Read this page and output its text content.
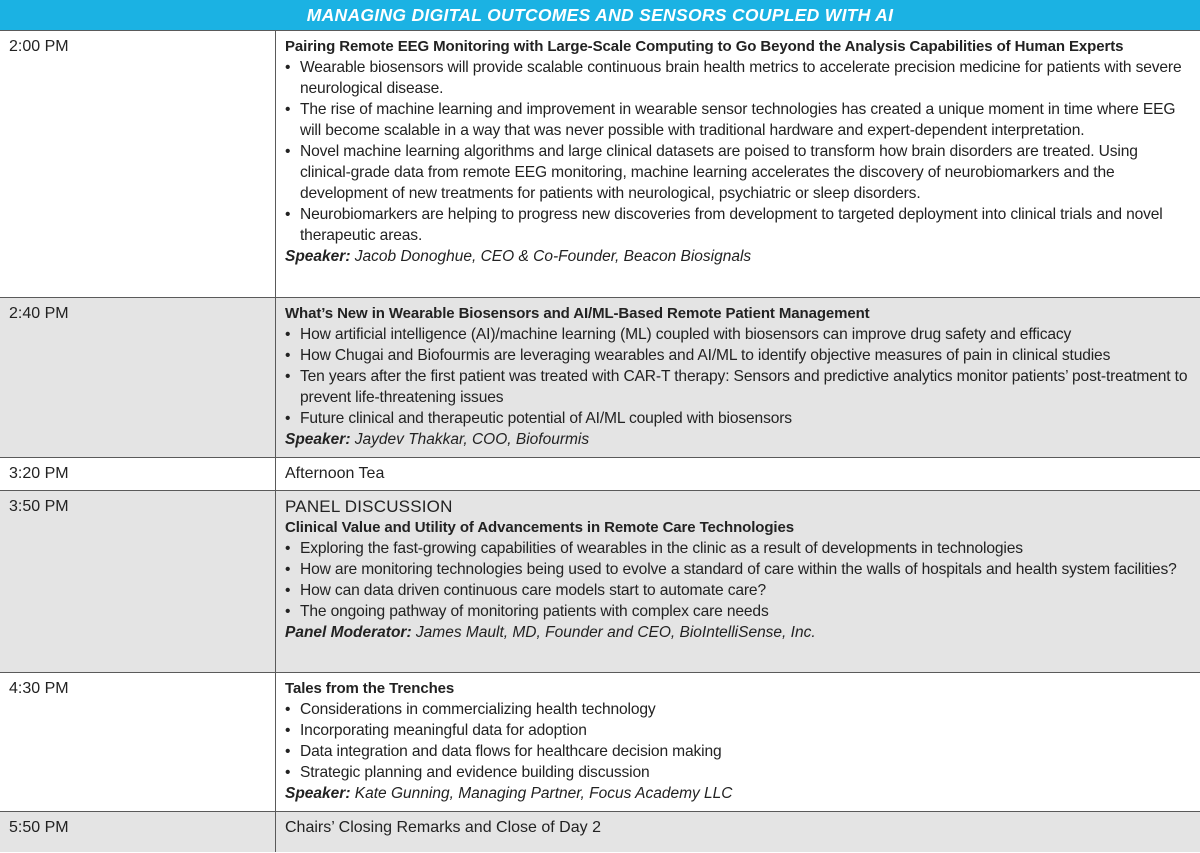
MANAGING DIGITAL OUTCOMES AND SENSORS COUPLED WITH AI
2:00 PM	Pairing Remote EEG Monitoring with Large-Scale Computing to Go Beyond the Analysis Capabilities of Human Experts
• Wearable biosensors will provide scalable continuous brain health metrics to accelerate precision medicine for patients with severe neurological disease.
• The rise of machine learning and improvement in wearable sensor technologies has created a unique moment in time where EEG will become scalable in a way that was never possible with traditional hardware and expert-dependent interpretation.
• Novel machine learning algorithms and large clinical datasets are poised to transform how brain disorders are treated. Using clinical-grade data from remote EEG monitoring, machine learning accelerates the discovery of neurobiomarkers and the development of new treatments for patients with neurological, psychiatric or sleep disorders.
• Neurobiomarkers are helping to progress new discoveries from development to targeted deployment into clinical trials and novel therapeutic areas.
Speaker: Jacob Donoghue, CEO & Co-Founder, Beacon Biosignals
2:40 PM	What’s New in Wearable Biosensors and AI/ML-Based Remote Patient Management
• How artificial intelligence (AI)/machine learning (ML) coupled with biosensors can improve drug safety and efficacy
• How Chugai and Biofourmis are leveraging wearables and AI/ML to identify objective measures of pain in clinical studies
• Ten years after the first patient was treated with CAR-T therapy: Sensors and predictive analytics monitor patients’ post-treatment to prevent life-threatening issues
• Future clinical and therapeutic potential of AI/ML coupled with biosensors
Speaker: Jaydev Thakkar, COO, Biofourmis
3:20 PM	Afternoon Tea
3:50 PM	PANEL DISCUSSION
Clinical Value and Utility of Advancements in Remote Care Technologies
• Exploring the fast-growing capabilities of wearables in the clinic as a result of developments in technologies
• How are monitoring technologies being used to evolve a standard of care within the walls of hospitals and health system facilities?
• How can data driven continuous care models start to automate care?
• The ongoing pathway of monitoring patients with complex care needs
Panel Moderator: James Mault, MD, Founder and CEO, BioIntelliSense, Inc.
4:30 PM	Tales from the Trenches
• Considerations in commercializing health technology
• Incorporating meaningful data for adoption
• Data integration and data flows for healthcare decision making
• Strategic planning and evidence building discussion
Speaker: Kate Gunning, Managing Partner, Focus Academy LLC
5:50 PM	Chairs’ Closing Remarks and Close of Day 2
